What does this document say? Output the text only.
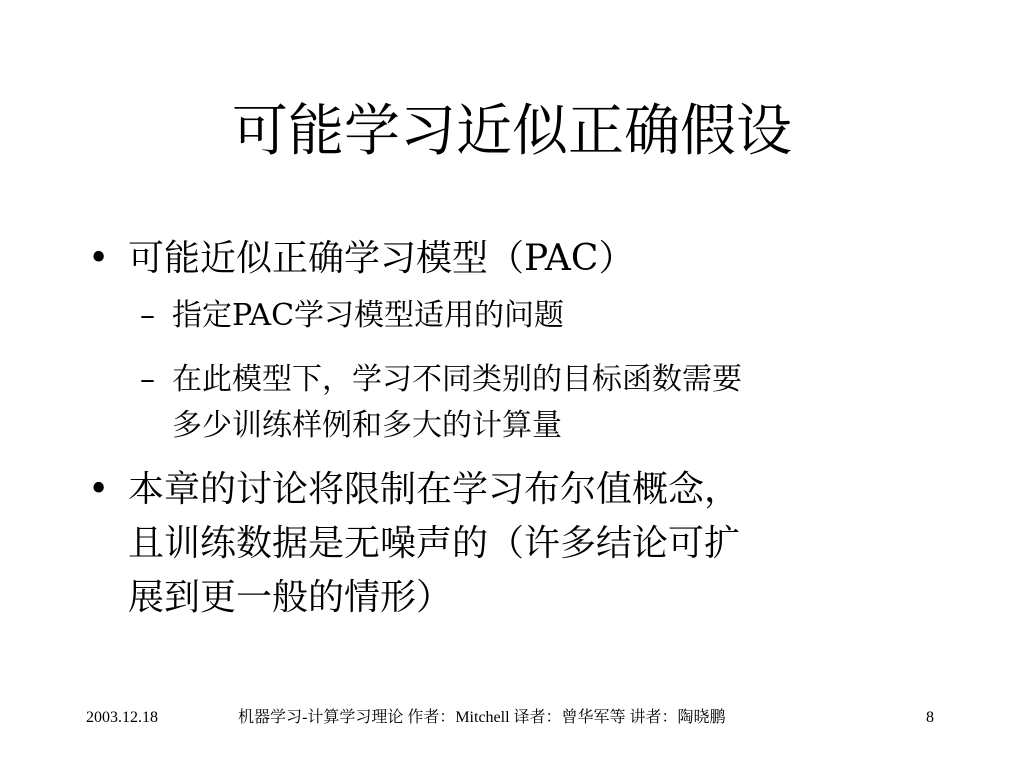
可能学习近似正确假设
• 可能近似正确学习模型（PAC）
– 指定PAC学习模型适用的问题
– 在此模型下，学习不同类别的目标函数需要
多少训练样例和多大的计算量
• 本章的讨论将限制在学习布尔值概念，
且训练数据是无噪声的（许多结论可扩
展到更一般的情形）
2003.12.18	机器学习-计算学习理论 作者：Mitchell 译者：曾华军等 讲者：陶晓鹏	8
